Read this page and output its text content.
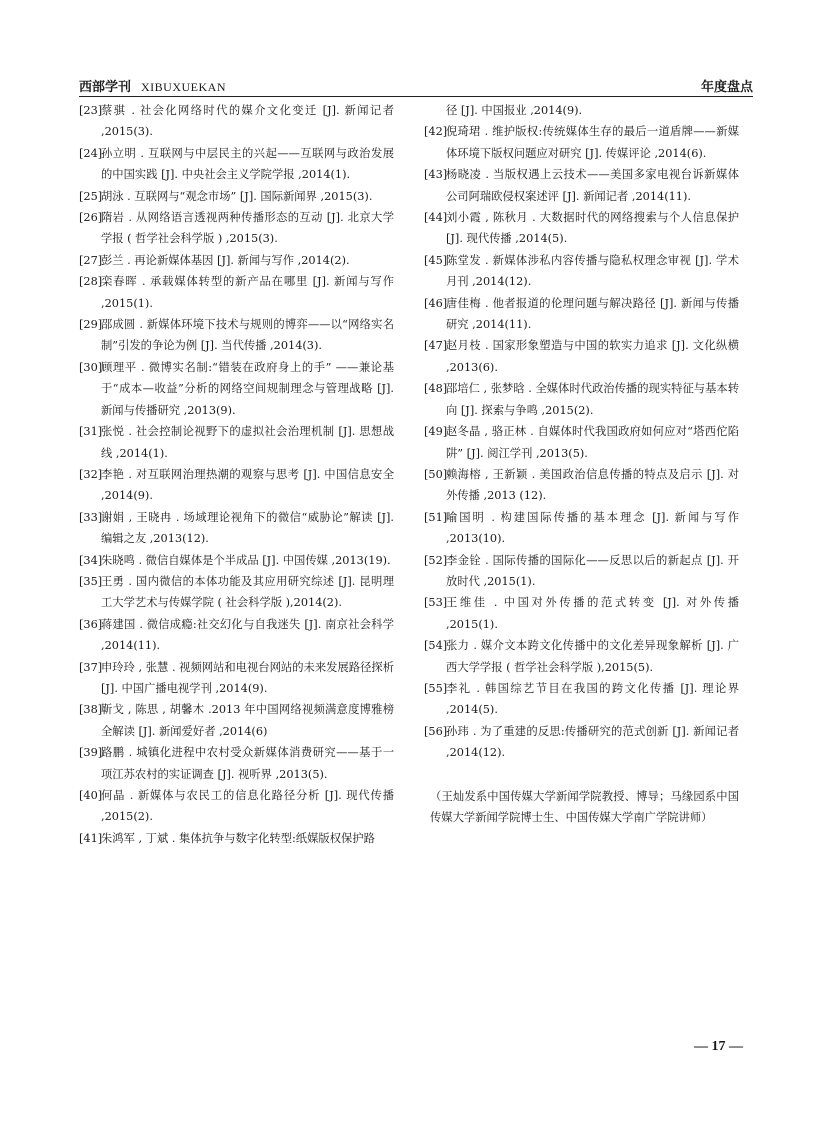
西部学刊 XIBUXUEKAN	年度盘点
[23]
蔡骐 . 社会化网络时代的媒介文化变迁 [J]. 新闻记者 ,2015(3).
[24]
孙立明 . 互联网与中层民主的兴起——互联网与政治发展的中国实践 [J]. 中央社会主义学院学报 ,2014(1).
[25]
胡泳 . 互联网与“观念市场” [J]. 国际新闻界 ,2015(3).
[26]
隋岩 . 从网络语言透视两种传播形态的互动 [J]. 北京大学学报 ( 哲学社会科学版 ) ,2015(3).
[27]
彭兰 . 再论新媒体基因 [J]. 新闻与写作 ,2014(2).
[28]
栾春晖 . 承载媒体转型的新产品在哪里 [J]. 新闻与写作 ,2015(1).
[29]
邵成圆 . 新媒体环境下技术与规则的博弈——以“网络实名制”引发的争论为例 [J]. 当代传播 ,2014(3).
[30]
顾理平 . 微博实名制:“错装在政府身上的手” ——兼论基于“成本—收益”分析的网络空间规制理念与管理战略 [J]. 新闻与传播研究 ,2013(9).
[31]
张悦 . 社会控制论视野下的虚拟社会治理机制 [J]. 思想战线 ,2014(1).
[32]
李艳 . 对互联网治理热潮的观察与思考 [J]. 中国信息安全 ,2014(9).
[33]
谢娟 , 王晓冉 . 场域理论视角下的微信“威胁论”解读 [J]. 编辑之友 ,2013(12).
[34]
朱晓鸣 . 微信自媒体是个半成品 [J]. 中国传媒 ,2013(19).
[35]
王勇 . 国内微信的本体功能及其应用研究综述 [J]. 昆明理工大学艺术与传媒学院 ( 社会科学版 ),2014(2).
[36]
蒋建国 . 微信成瘾:社交幻化与自我迷失 [J]. 南京社会科学 ,2014(11).
[37]
申玲玲 , 张慧 . 视频网站和电视台网站的未来发展路径探析 [J]. 中国广播电视学刊 ,2014(9).
[38]
靳戈 , 陈思 , 胡馨木 .2013 年中国网络视频满意度博雅榜全解读 [J]. 新闻爱好者 ,2014(6)
[39]
路鹏 . 城镇化进程中农村受众新媒体消费研究——基于一项江苏农村的实证调查 [J]. 视听界 ,2013(5).
[40]
何晶 . 新媒体与农民工的信息化路径分析 [J]. 现代传播 ,2015(2).
[41]
朱鸿军 , 丁斌 . 集体抗争与数字化转型:纸媒版权保护路
径 [J]. 中国报业 ,2014(9).
[42]
倪琦珺 . 维护版权:传统媒体生存的最后一道盾牌——新媒体环境下版权问题应对研究 [J]. 传媒评论 ,2014(6).
[43]
杨晓凌 . 当版权遇上云技术——美国多家电视台诉新媒体公司阿瑞欧侵权案述评 [J]. 新闻记者 ,2014(11).
[44]
刘小霞 , 陈秋月 . 大数据时代的网络搜索与个人信息保护 [J]. 现代传播 ,2014(5).
[45]
陈堂发 . 新媒体涉私内容传播与隐私权理念审视 [J]. 学术月刊 ,2014(12).
[46]
唐佳梅 . 他者报道的伦理问题与解决路径 [J]. 新闻与传播研究 ,2014(11).
[47]
赵月枝 . 国家形象塑造与中国的软实力追求 [J]. 文化纵横 ,2013(6).
[48]
邵培仁 , 张梦晗 . 全媒体时代政治传播的现实特征与基本转向 [J]. 探索与争鸣 ,2015(2).
[49]
赵冬晶 , 骆正林 . 自媒体时代我国政府如何应对“塔西佗陷阱” [J]. 阅江学刊 ,2013(5).
[50]
赖海榕 , 王新颖 . 美国政治信息传播的特点及启示 [J]. 对外传播 ,2013 (12).
[51]
喻国明 . 构建国际传播的基本理念 [J]. 新闻与写作 ,2013(10).
[52]
李金铨 . 国际传播的国际化——反思以后的新起点 [J]. 开放时代 ,2015(1).
[53]
王维佳 . 中国对外传播的范式转变 [J]. 对外传播 ,2015(1).
[54]
张力 . 媒介文本跨文化传播中的文化差异现象解析 [J]. 广西大学学报 ( 哲学社会科学版 ),2015(5).
[55]
李礼 . 韩国综艺节目在我国的跨文化传播 [J]. 理论界 ,2014(5).
[56]
孙玮 . 为了重建的反思:传播研究的范式创新 [J]. 新闻记者 ,2014(12).
（王灿发系中国传媒大学新闻学院教授、博导；马缘园系中国传媒大学新闻学院博士生、中国传媒大学南广学院讲师）
— 17 —
